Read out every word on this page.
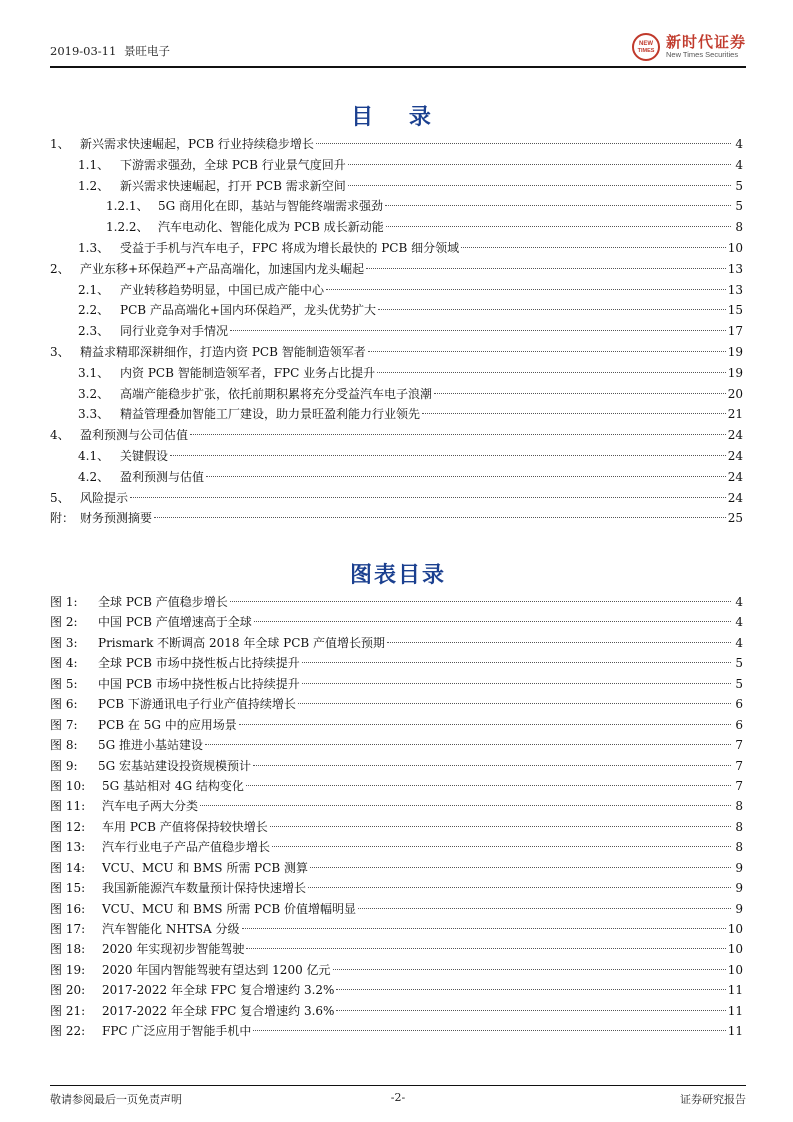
2019-03-11 景旺电子	NEW
TIMES 新时代证券
New Times Securities
目 录
1、 新兴需求快速崛起，PCB 行业持续稳步增长	4
1.1、 下游需求强劲，全球 PCB 行业景气度回升	4
1.2、 新兴需求快速崛起，打开 PCB 需求新空间	5
1.2.1、 5G 商用化在即，基站与智能终端需求强劲	5
1.2.2、 汽车电动化、智能化成为 PCB 成长新动能	8
1.3、 受益于手机与汽车电子，FPC 将成为增长最快的 PCB 细分领域	10
2、 产业东移+环保趋严+产品高端化，加速国内龙头崛起	13
2.1、 产业转移趋势明显，中国已成产能中心	13
2.2、 PCB 产品高端化+国内环保趋严，龙头优势扩大	15
2.3、 同行业竞争对手情况	17
3、 精益求精耶深耕细作，打造内资 PCB 智能制造领军者	19
3.1、 内资 PCB 智能制造领军者，FPC 业务占比提升	19
3.2、 高端产能稳步扩张，依托前期积累将充分受益汽车电子浪潮	20
3.3、 精益管理叠加智能工厂建设，助力景旺盈利能力行业领先	21
4、 盈利预测与公司估值	24
4.1、 关键假设	24
4.2、 盈利预测与估值	24
5、 风险提示	24
附： 财务预测摘要	25
图表目录
图 1:	全球 PCB 产值稳步增长	4
图 2:	中国 PCB 产值增速高于全球	4
图 3:	Prismark 不断调高 2018 年全球 PCB 产值增长预期	4
图 4:	全球 PCB 市场中挠性板占比持续提升	5
图 5:	中国 PCB 市场中挠性板占比持续提升	5
图 6:	PCB 下游通讯电子行业产值持续增长	6
图 7:	PCB 在 5G 中的应用场景	6
图 8:	5G 推进小基站建设	7
图 9:	5G 宏基站建设投资规模预计	7
图 10:	5G 基站相对 4G 结构变化	7
图 11:	汽车电子两大分类	8
图 12:	车用 PCB 产值将保持较快增长	8
图 13:	汽车行业电子产品产值稳步增长	8
图 14:	VCU、MCU 和 BMS 所需 PCB 测算	9
图 15:	我国新能源汽车数量预计保持快速增长	9
图 16:	VCU、MCU 和 BMS 所需 PCB 价值增幅明显	9
图 17:	汽车智能化 NHTSA 分级	10
图 18:	2020 年实现初步智能驾驶	10
图 19:	2020 年国内智能驾驶有望达到 1200 亿元	10
图 20:	2017-2022 年全球 FPC 复合增速约 3.2%	11
图 21:	2017-2022 年全球 FPC 复合增速约 3.6%	11
图 22:	FPC 广泛应用于智能手机中	11
敬请参阅最后一页免责声明	-2-	证券研究报告
